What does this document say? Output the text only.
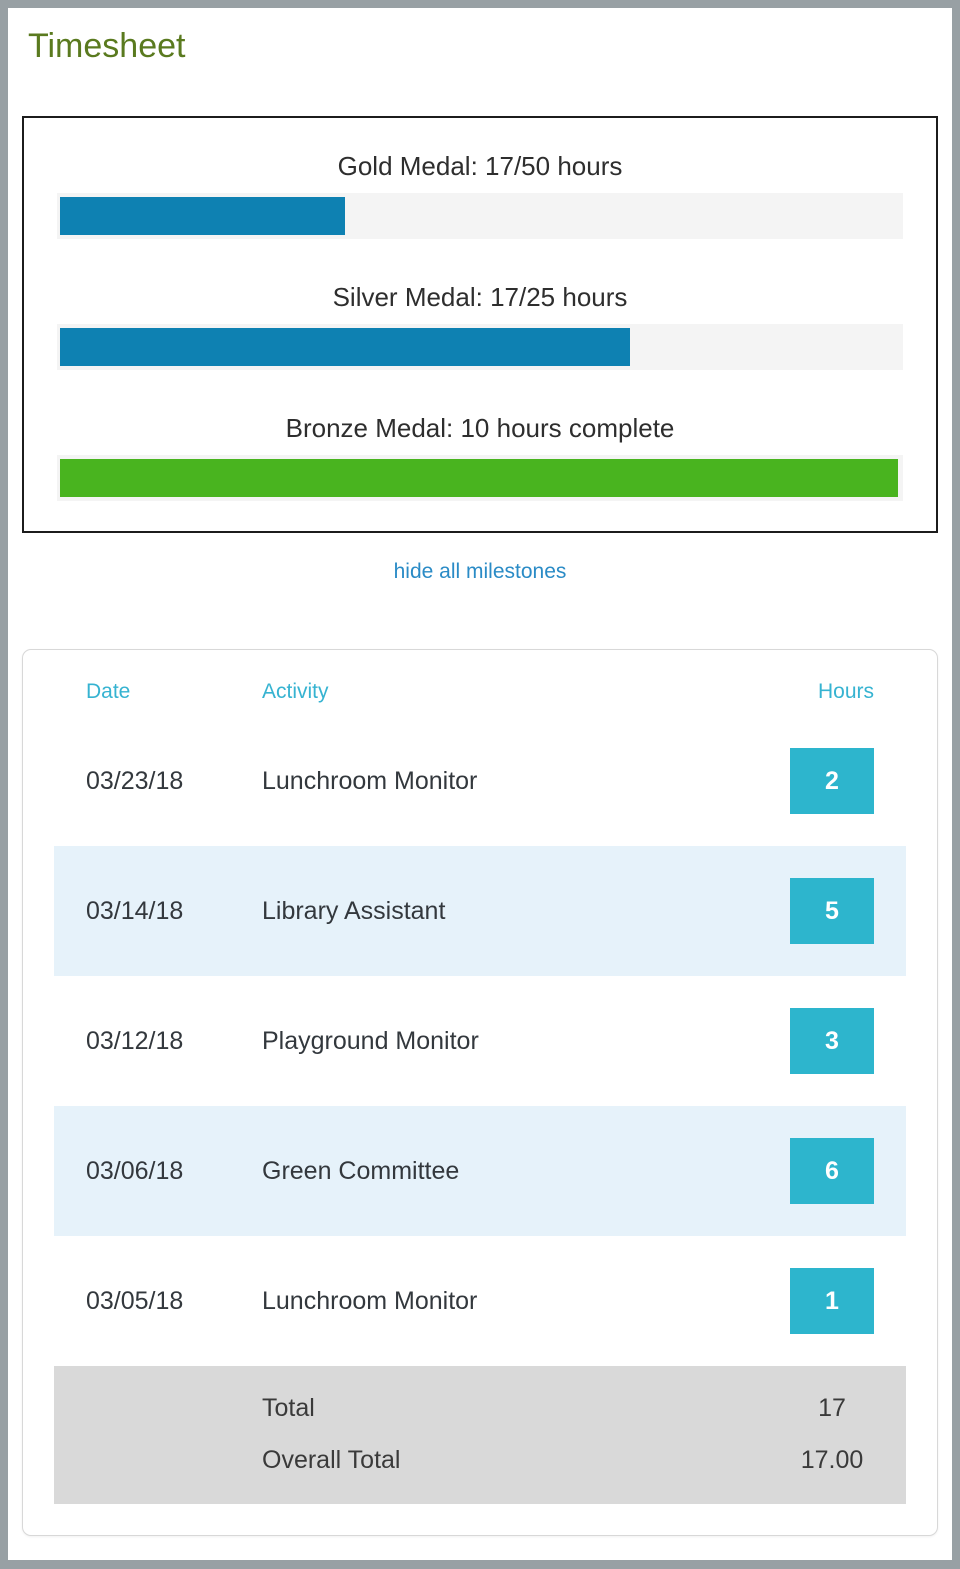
Timesheet
Gold Medal: 17/50 hours
Silver Medal: 17/25 hours
Bronze Medal: 10 hours complete
hide all milestones
Date	Activity	Hours
03/23/18	Lunchroom Monitor	2
03/14/18	Library Assistant	5
03/12/18	Playground Monitor	3
03/06/18	Green Committee	6
03/05/18	Lunchroom Monitor	1
Total	17
Overall Total	17.00
